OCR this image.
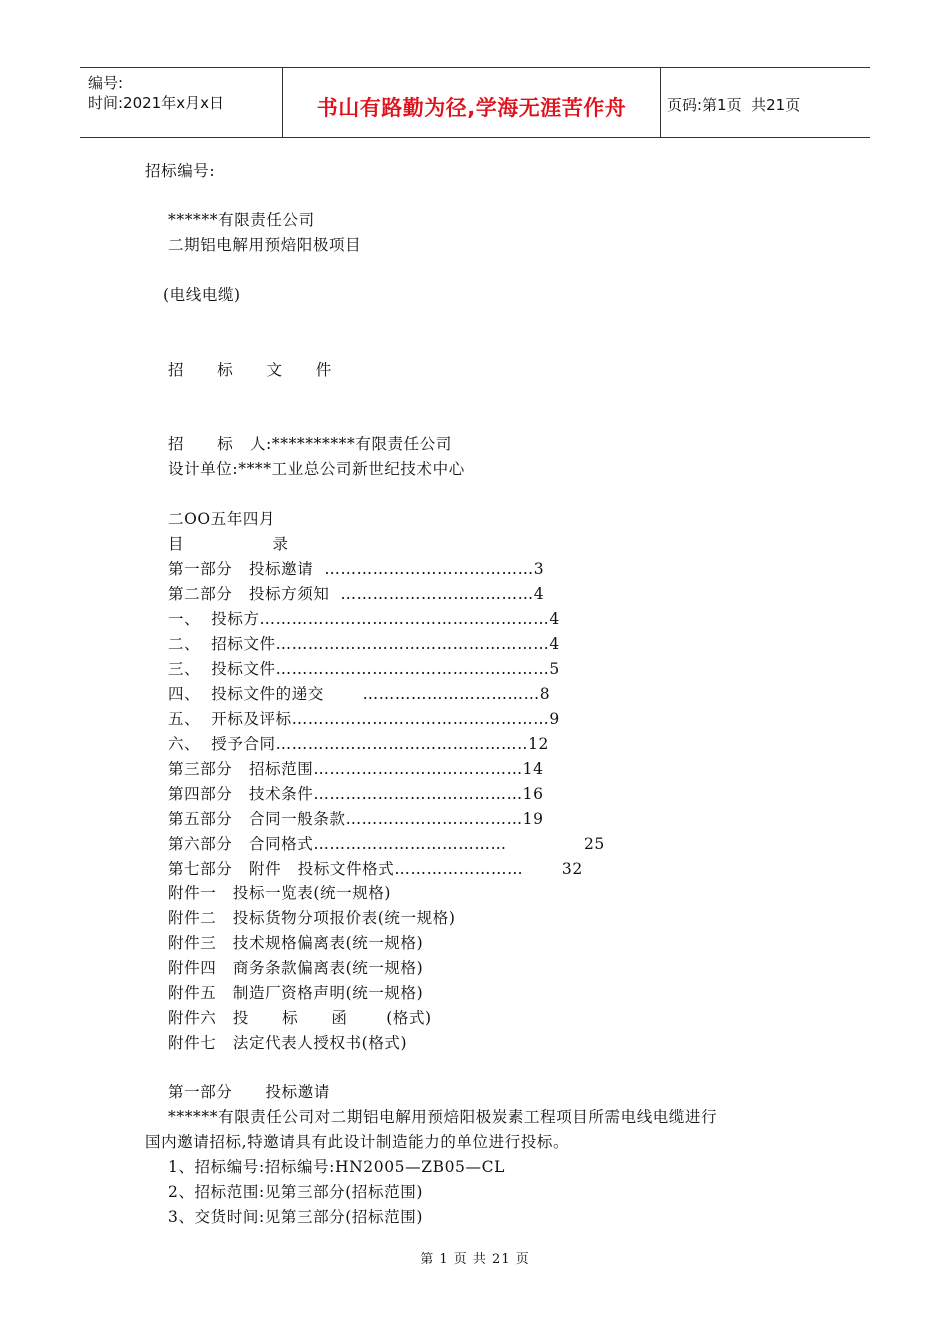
编号:
时间:2021年x月x日	书山有路勤为径,学海无涯苦作舟	页码:第1页  共21页
招标编号:
******有限责任公司
二期铝电解用预焙阳极项目
(电线电缆)
招      标      文      件
招      标   人:**********有限责任公司
设计单位:****工业总公司新世纪技术中心
二OO五年四月
目                录
第一部分   投标邀请  …………………………………3
第二部分   投标方须知  ………………………………4
一、  投标方………………………………………………4
二、  招标文件……………………………………………4
三、  投标文件……………………………………………5
四、  投标文件的递交       ……………………………8
五、  开标及评标…………………………………………9
六、  授予合同………………………………………‥12
第三部分   招标范围…………………………………14
第四部分   技术条件…………………………………16
第五部分   合同一般条款……………………………19
第六部分   合同格式………………………………              25
第七部分   附件   投标文件格式……………………       32
附件一   投标一览表(统一规格)
附件二   投标货物分项报价表(统一规格)
附件三   技术规格偏离表(统一规格)
附件四   商务条款偏离表(统一规格)
附件五   制造厂资格声明(统一规格)
附件六   投      标      函       (格式)
附件七   法定代表人授权书(格式)
第一部分      投标邀请
******有限责任公司对二期铝电解用预焙阳极炭素工程项目所需电线电缆进行
国内邀请招标,特邀请具有此设计制造能力的单位进行投标。
1、招标编号:招标编号:HN2005—ZB05—CL
2、招标范围:见第三部分(招标范围)
3、交货时间:见第三部分(招标范围)
第 1 页 共 21 页
